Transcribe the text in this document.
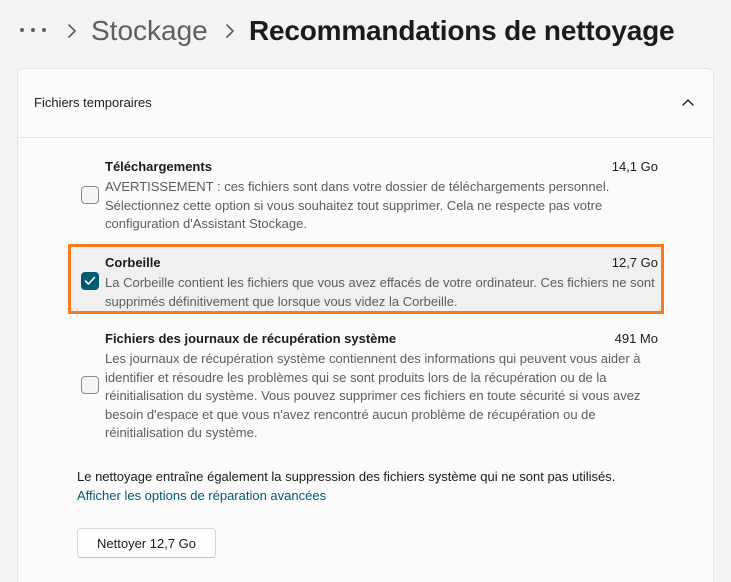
Stockage Recommandations de nettoyage
Fichiers temporaires
Téléchargements	14,1 Go
AVERTISSEMENT : ces fichiers sont dans votre dossier de téléchargements personnel. Sélectionnez cette option si vous souhaitez tout supprimer. Cela ne respecte pas votre configuration d'Assistant Stockage.
Corbeille	12,7 Go
La Corbeille contient les fichiers que vous avez effacés de votre ordinateur. Ces fichiers ne sont supprimés définitivement que lorsque vous videz la Corbeille.
Fichiers des journaux de récupération système	491 Mo
Les journaux de récupération système contiennent des informations qui peuvent vous aider à identifier et résoudre les problèmes qui se sont produits lors de la récupération ou de la réinitialisation du système. Vous pouvez supprimer ces fichiers en toute sécurité si vous avez besoin d'espace et que vous n'avez rencontré aucun problème de récupération ou de réinitialisation du système.
Le nettoyage entraîne également la suppression des fichiers système qui ne sont pas utilisés.
Afficher les options de réparation avancées
Nettoyer 12,7 Go
